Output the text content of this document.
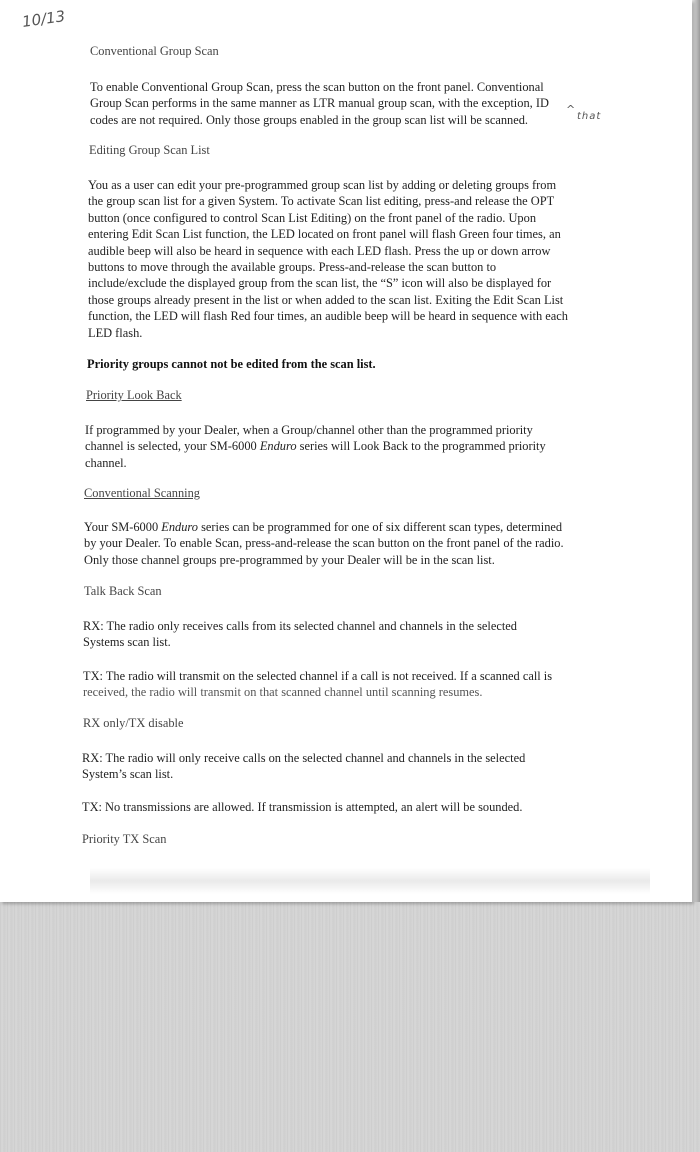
10/13
^
that

Conventional Group Scan

To enable Conventional Group Scan, press the scan button on the front panel. Conventional

Group Scan performs in the same manner as LTR manual group scan, with the exception, ID

codes are not required. Only those groups enabled in the group scan list will be scanned.

Editing Group Scan List

You as a user can edit your pre-programmed group scan list by adding or deleting groups from

the group scan list for a given System. To activate Scan list editing, press-and release the OPT

button (once configured to control Scan List Editing) on the front panel of the radio. Upon

entering Edit Scan List function, the LED located on front panel will flash Green four times, an

audible beep will also be heard in sequence with each LED flash. Press the up or down arrow

buttons to move through the available groups. Press-and-release the scan button to

include/exclude the displayed group from the scan list, the “S” icon will also be displayed for

those groups already present in the list or when added to the scan list. Exiting the Edit Scan List

function, the LED will flash Red four times, an audible beep will be heard in sequence with each

LED flash.

Priority groups cannot not be edited from the scan list.

Priority Look Back

If programmed by your Dealer, when a Group/channel other than the programmed priority

channel is selected, your SM-6000 Enduro series will Look Back to the programmed priority

channel.

Conventional Scanning

Your SM-6000 Enduro series can be programmed for one of six different scan types, determined

by your Dealer. To enable Scan, press-and-release the scan button on the front panel of the radio.

Only those channel groups pre-programmed by your Dealer will be in the scan list.

Talk Back Scan

RX: The radio only receives calls from its selected channel and channels in the selected

Systems scan list.

TX: The radio will transmit on the selected channel if a call is not received. If a scanned call is

received, the radio will transmit on that scanned channel until scanning resumes.

RX only/TX disable

RX: The radio will only receive calls on the selected channel and channels in the selected

System’s scan list.

TX: No transmissions are allowed. If transmission is attempted, an alert will be sounded.

Priority TX Scan
